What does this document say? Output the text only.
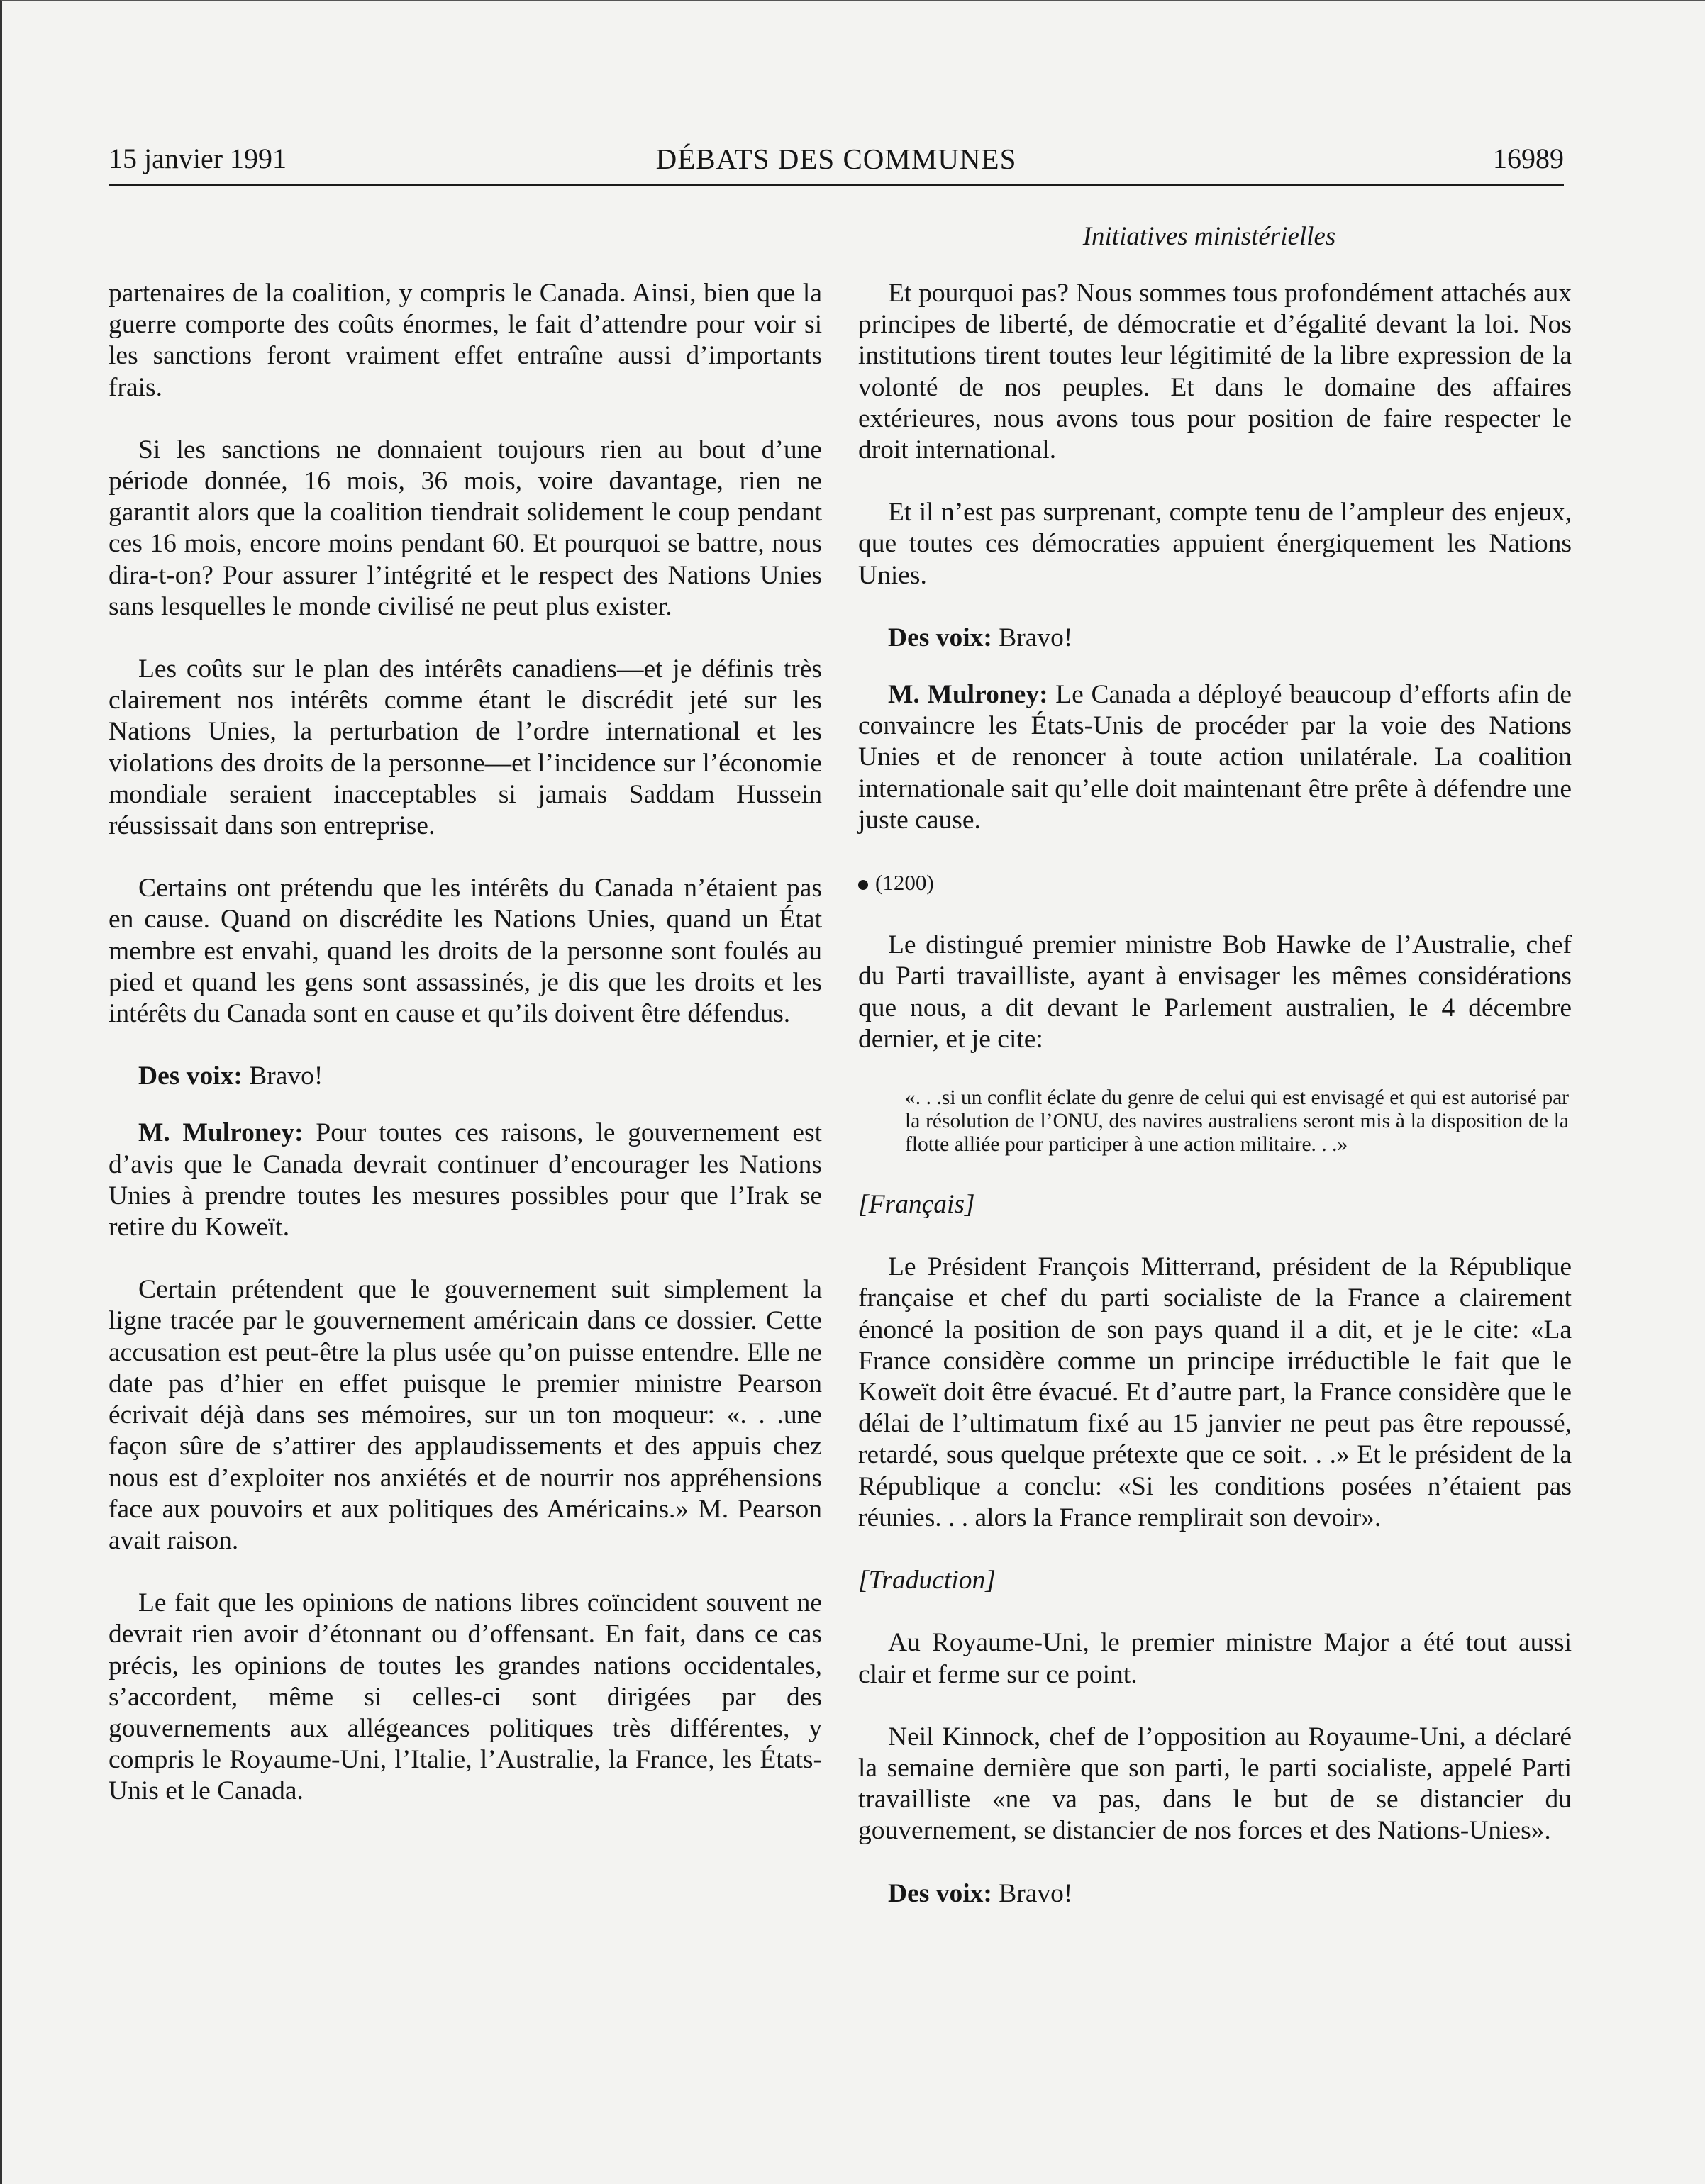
15 janvier 1991	DÉBATS DES COMMUNES	16989
Initiatives ministérielles

partenaires de la coalition, y compris le Canada. Ainsi, bien que la guerre comporte des coûts énormes, le fait d’attendre pour voir si les sanctions feront vraiment effet entraîne aussi d’importants frais.

Si les sanctions ne donnaient toujours rien au bout d’une période donnée, 16 mois, 36 mois, voire davantage, rien ne garantit alors que la coalition tiendrait solidement le coup pendant ces 16 mois, encore moins pendant 60. Et pourquoi se battre, nous dira-t-on? Pour assurer l’intégrité et le respect des Nations Unies sans lesquelles le monde civilisé ne peut plus exister.

Les coûts sur le plan des intérêts canadiens—et je définis très clairement nos intérêts comme étant le discrédit jeté sur les Nations Unies, la perturbation de l’ordre international et les violations des droits de la personne—et l’incidence sur l’économie mondiale seraient inacceptables si jamais Saddam Hussein réussissait dans son entreprise.

Certains ont prétendu que les intérêts du Canada n’étaient pas en cause. Quand on discrédite les Nations Unies, quand un État membre est envahi, quand les droits de la personne sont foulés au pied et quand les gens sont assassinés, je dis que les droits et les intérêts du Canada sont en cause et qu’ils doivent être défendus.

Des voix: Bravo!

M. Mulroney: Pour toutes ces raisons, le gouvernement est d’avis que le Canada devrait continuer d’encourager les Nations Unies à prendre toutes les mesures possibles pour que l’Irak se retire du Koweït.

Certain prétendent que le gouvernement suit simplement la ligne tracée par le gouvernement américain dans ce dossier. Cette accusation est peut-être la plus usée qu’on puisse entendre. Elle ne date pas d’hier en effet puisque le premier ministre Pearson écrivait déjà dans ses mémoires, sur un ton moqueur: «. . .une façon sûre de s’attirer des applaudissements et des appuis chez nous est d’exploiter nos anxiétés et de nourrir nos appréhensions face aux pouvoirs et aux politiques des Américains.» M. Pearson avait raison.

Le fait que les opinions de nations libres coïncident souvent ne devrait rien avoir d’étonnant ou d’offensant. En fait, dans ce cas précis, les opinions de toutes les grandes nations occidentales, s’accordent, même si celles-ci sont dirigées par des gouvernements aux allégeances politiques très différentes, y compris le Royaume-Uni, l’Italie, l’Australie, la France, les États-Unis et le Canada.

Et pourquoi pas? Nous sommes tous profondément attachés aux principes de liberté, de démocratie et d’égalité devant la loi. Nos institutions tirent toutes leur légitimité de la libre expression de la volonté de nos peuples. Et dans le domaine des affaires extérieures, nous avons tous pour position de faire respecter le droit international.

Et il n’est pas surprenant, compte tenu de l’ampleur des enjeux, que toutes ces démocraties appuient énergiquement les Nations Unies.

Des voix: Bravo!

M. Mulroney: Le Canada a déployé beaucoup d’efforts afin de convaincre les États-Unis de procéder par la voie des Nations Unies et de renoncer à toute action unilatérale. La coalition internationale sait qu’elle doit maintenant être prête à défendre une juste cause.

(1200)

Le distingué premier ministre Bob Hawke de l’Australie, chef du Parti travailliste, ayant à envisager les mêmes considérations que nous, a dit devant le Parlement australien, le 4 décembre dernier, et je cite:

«. . .si un conflit éclate du genre de celui qui est envisagé et qui est autorisé par la résolution de l’ONU, des navires australiens seront mis à la disposition de la flotte alliée pour participer à une action militaire. . .»

[Français]

Le Président François Mitterrand, président de la République française et chef du parti socialiste de la France a clairement énoncé la position de son pays quand il a dit, et je le cite: «La France considère comme un principe irréductible le fait que le Koweït doit être évacué. Et d’autre part, la France considère que le délai de l’ultimatum fixé au 15 janvier ne peut pas être repoussé, retardé, sous quelque prétexte que ce soit. . .» Et le président de la République a conclu: «Si les conditions posées n’étaient pas réunies. . . alors la France remplirait son devoir».

[Traduction]

Au Royaume-Uni, le premier ministre Major a été tout aussi clair et ferme sur ce point.

Neil Kinnock, chef de l’opposition au Royaume-Uni, a déclaré la semaine dernière que son parti, le parti socialiste, appelé Parti travailliste «ne va pas, dans le but de se distancier du gouvernement, se distancier de nos forces et des Nations-Unies».

Des voix: Bravo!
